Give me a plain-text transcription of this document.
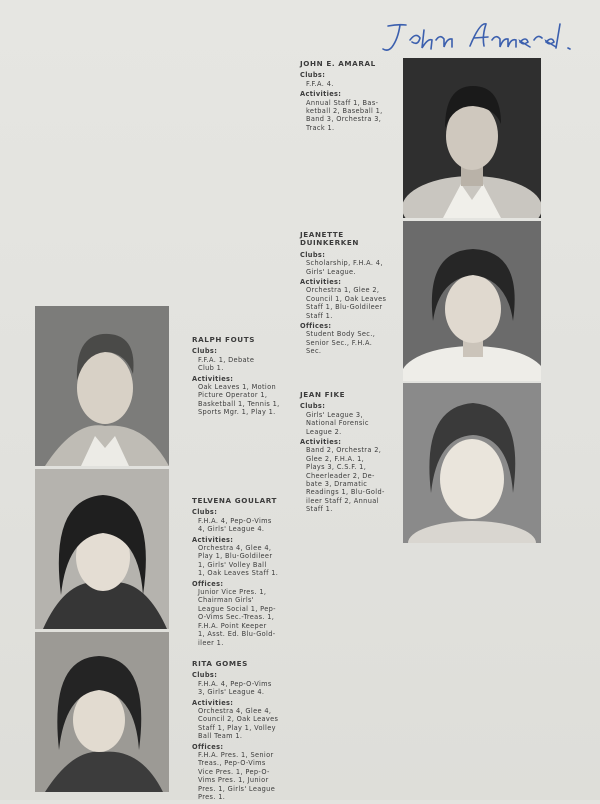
JOHN E. AMARAL
Clubs:
F.F.A. 4.
Activities:
Annual Staff 1, Bas-
ketball 2, Baseball 1,
Band 3, Orchestra 3,
Track 1.
JEANETTE
DUINKERKEN
Clubs:
Scholarship, F.H.A. 4,
Girls' League.
Activities:
Orchestra 1, Glee 2,
Council 1, Oak Leaves
Staff 1, Blu-Goldileer
Staff 1.
Offices:
Student Body Sec.,
Senior Sec., F.H.A.
Sec.
RALPH FOUTS
Clubs:
F.F.A. 1, Debate
Club 1.
Activities:
Oak Leaves 1, Motion
Picture Operator 1,
Basketball 1, Tennis 1,
Sports Mgr. 1, Play 1.
JEAN FIKE
Clubs:
Girls' League 3,
National Forensic
League 2.
Activities:
Band 2, Orchestra 2,
Glee 2, F.H.A. 1,
Plays 3, C.S.F. 1,
Cheerleader 2, De-
bate 3, Dramatic
Readings 1, Blu-Gold-
ileer Staff 2, Annual
Staff 1.
TELVENA GOULART
Clubs:
F.H.A. 4, Pep-O-Vims
4, Girls' League 4.
Activities:
Orchestra 4, Glee 4,
Play 1, Blu-Goldileer
1, Girls' Volley Ball
1, Oak Leaves Staff 1.
Offices:
Junior Vice Pres. 1,
Chairman Girls'
League Social 1, Pep-
O-Vims Sec.-Treas. 1,
F.H.A. Point Keeper
1, Asst. Ed. Blu-Gold-
ileer 1.
RITA GOMES
Clubs:
F.H.A. 4, Pep-O-Vims
3, Girls' League 4.
Activities:
Orchestra 4, Glee 4,
Council 2, Oak Leaves
Staff 1, Play 1, Volley
Ball Team 1.
Offices:
F.H.A. Pres. 1, Senior
Treas., Pep-O-Vims
Vice Pres. 1, Pep-O-
Vims Pres. 1, Junior
Pres. 1, Girls' League
Pres. 1.
